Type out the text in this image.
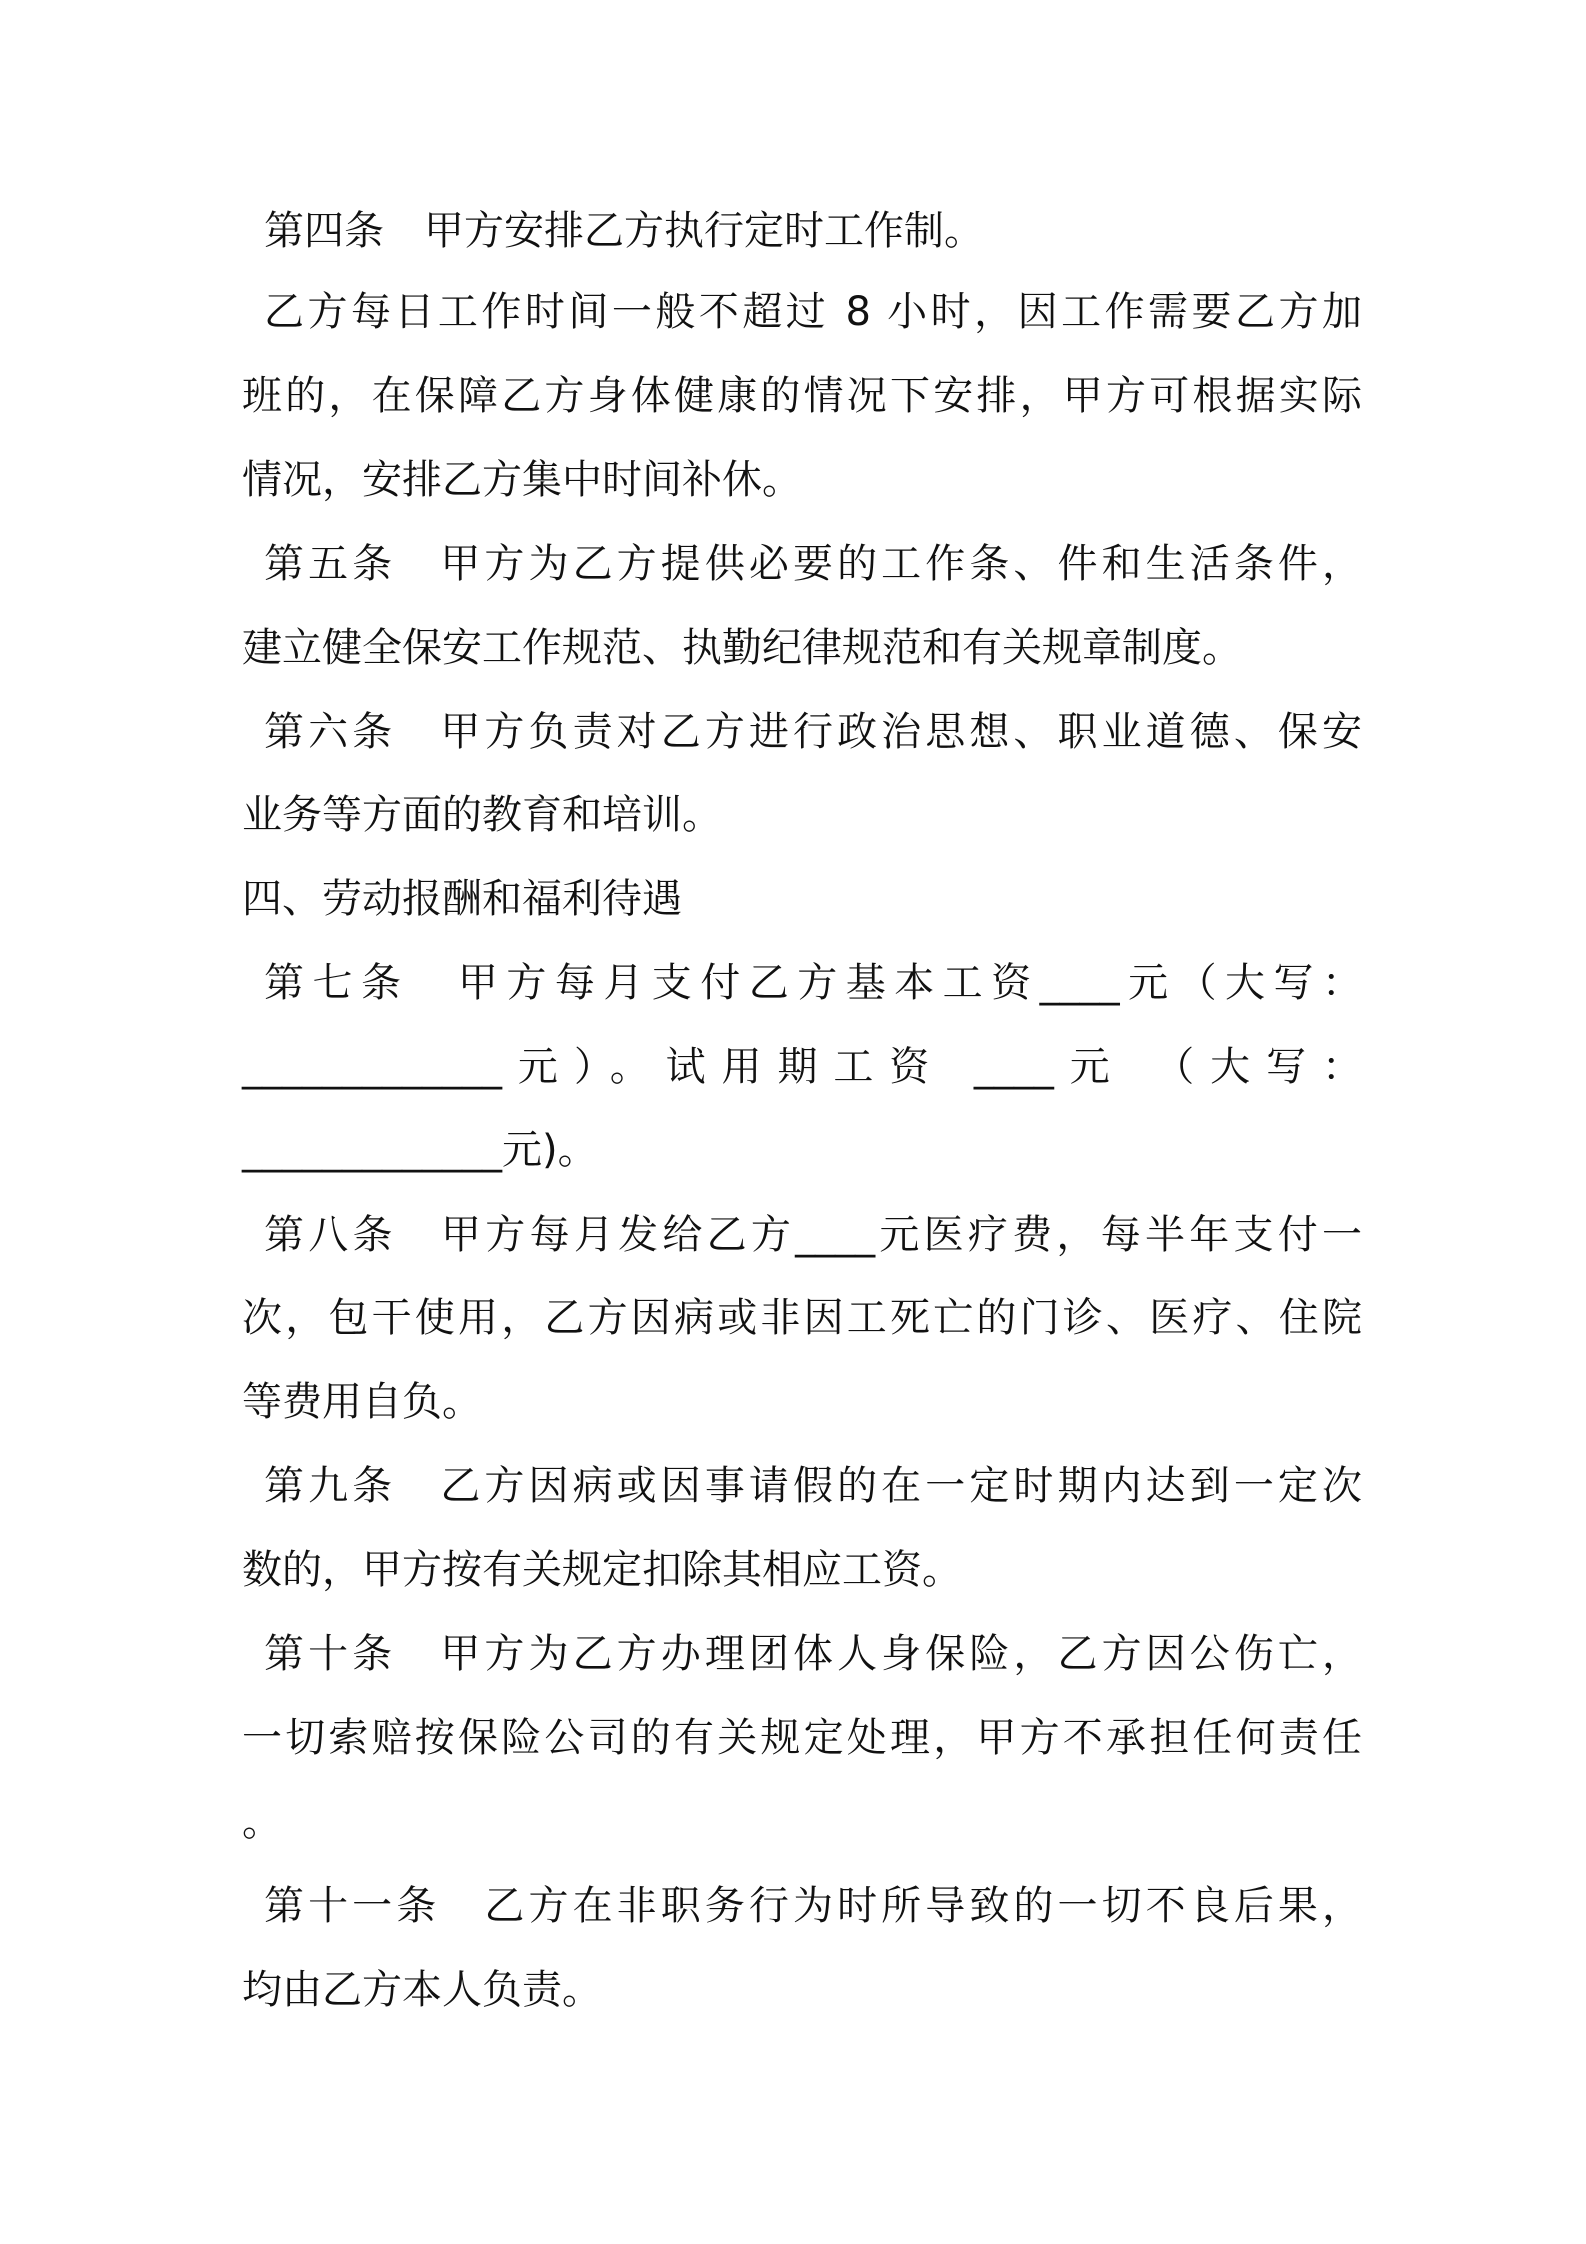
第四条　甲方安排乙方执行定时工作制。
乙方每日工作时间一般不超过 8 小时，因工作需要乙方加
班的，在保障乙方身体健康的情况下安排，甲方可根据实际
情况，安排乙方集中时间补休。
第五条　甲方为乙方提供必要的工作条、件和生活条件，
建立健全保安工作规范、执勤纪律规范和有关规章制度。
第六条　甲方负责对乙方进行政治思想、职业道德、保安
业务等方面的教育和培训。
四、劳动报酬和福利待遇
第七条　甲方每月支付乙方基本工资____元（大写：
_____________元）。试用期工资 ____元 （大写：
_____________元)。
第八条　甲方每月发给乙方____元医疗费，每半年支付一
次，包干使用，乙方因病或非因工死亡的门诊、医疗、住院
等费用自负。
第九条　乙方因病或因事请假的在一定时期内达到一定次
数的，甲方按有关规定扣除其相应工资。
第十条　甲方为乙方办理团体人身保险，乙方因公伤亡，
一切索赔按保险公司的有关规定处理，甲方不承担任何责任
。
第十一条　乙方在非职务行为时所导致的一切不良后果，
均由乙方本人负责。
